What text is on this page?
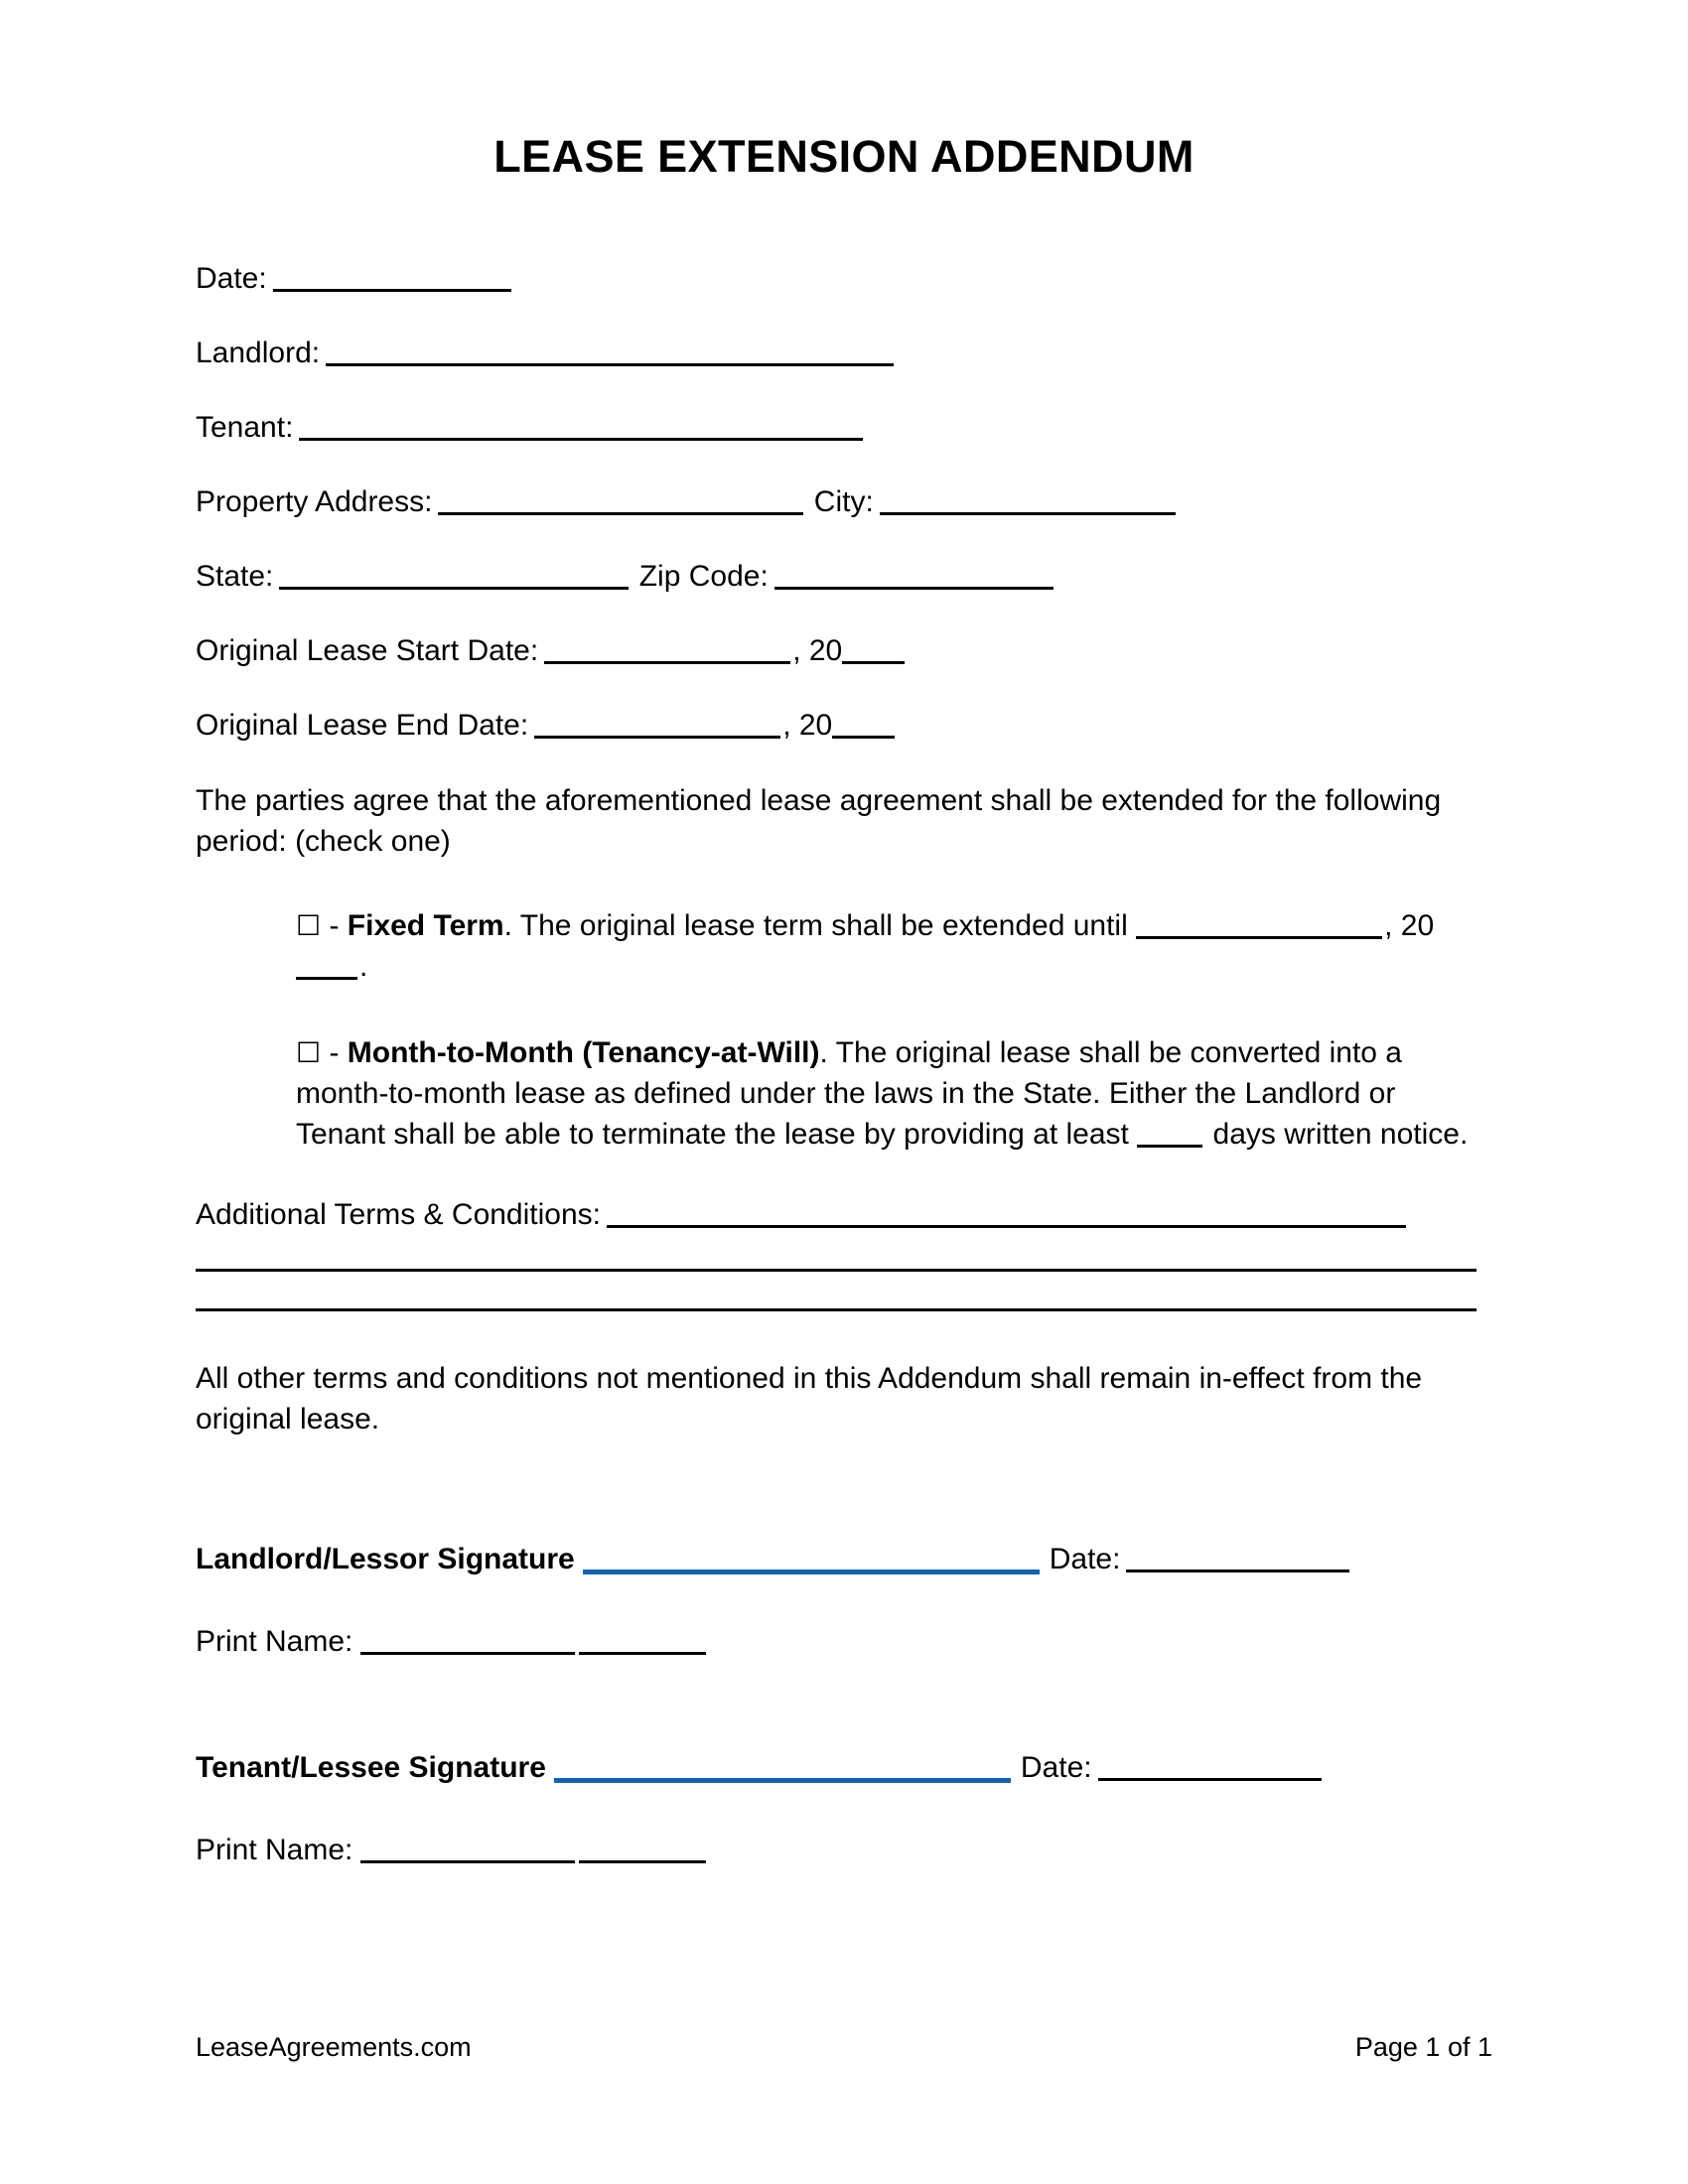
LEASE EXTENSION ADDENDUM
Date:
Landlord:
Tenant:
Property Address:	City:
State:	Zip Code:
Original Lease Start Date:	, 20
Original Lease End Date:	, 20
The parties agree that the aforementioned lease agreement shall be extended for the following period: (check one)
☐ - Fixed Term. The original lease term shall be extended until	, 20.
☐ - Month-to-Month (Tenancy-at-Will). The original lease shall be converted into a month-to-month lease as defined under the laws in the State. Either the Landlord or Tenant shall be able to terminate the lease by providing at least  days written notice.
Additional Terms & Conditions:
All other terms and conditions not mentioned in this Addendum shall remain in-effect from the original lease.
Landlord/Lessor Signature	Date:
Print Name:
Tenant/Lessee Signature	Date:
Print Name:
LeaseAgreements.com	Page 1 of 1
